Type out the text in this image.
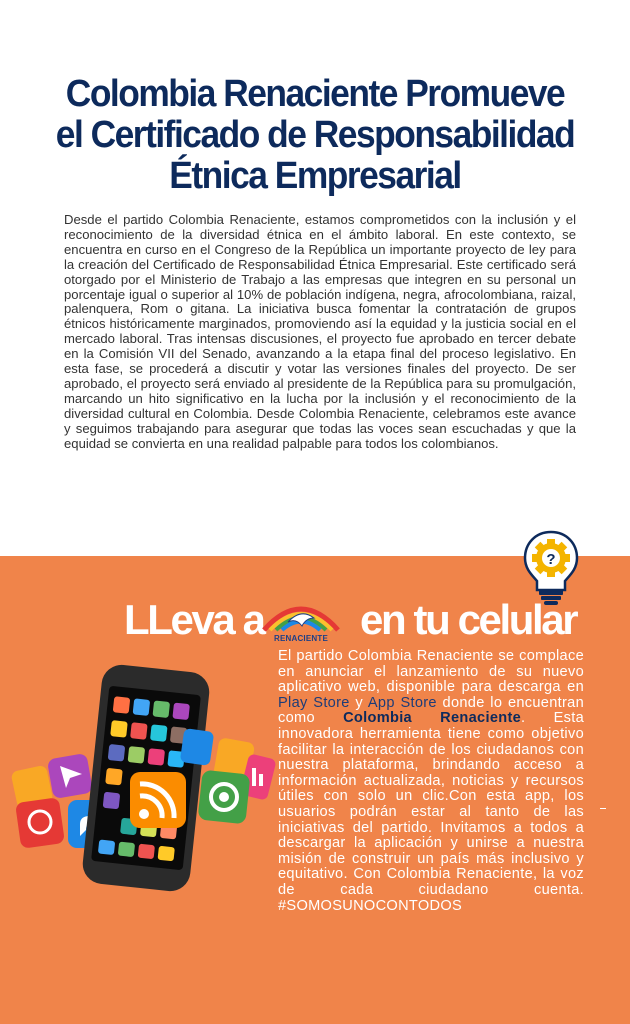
Colombia Renaciente Promueve
el Certificado de Responsabilidad
Étnica Empresarial
Desde el partido Colombia Renaciente, estamos comprometidos con la inclusión y el reconocimiento de la diversidad étnica en el ámbito laboral. En este contexto, se encuentra en curso en el Congreso de la República un importante proyecto de ley para la creación del Certificado de Responsabilidad Étnica Empresarial. Este certificado será otorgado por el Ministerio de Trabajo a las empresas que integren en su personal un porcentaje igual o superior al 10% de población indígena, negra, afrocolombiana, raizal, palenquera, Rom o gitana. La iniciativa busca fomentar la contratación de grupos étnicos históricamente marginados, promoviendo así la equidad y la justicia social en el mercado laboral. Tras intensas discusiones, el proyecto fue aprobado en tercer debate en la Comisión VII del Senado, avanzando a la etapa final del proceso legislativo. En esta fase, se procederá a discutir y votar las versiones finales del proyecto. De ser aprobado, el proyecto será enviado al presidente de la República para su promulgación, marcando un hito significativo en la lucha por la inclusión y el reconocimiento de la diversidad cultural en Colombia. Desde Colombia Renaciente, celebramos este avance y seguimos trabajando para asegurar que todas las voces sean escuchadas y que la equidad se convierta en una realidad palpable para todos los colombianos.
?
LLeva a en tu celular
RENACIENTE
El partido Colombia Renaciente se complace en anunciar el lanzamiento de su nuevo aplicativo web, disponible para descarga en Play Store y App Store donde lo encuentran como Colombia Renaciente. Esta innovadora herramienta tiene como objetivo facilitar la interacción de los ciudadanos con nuestra plataforma, brindando acceso a información actualizada, noticias y recursos útiles con solo un clic.Con esta app, los usuarios podrán estar al tanto de las iniciativas del partido. Invitamos a todos a descargar la aplicación y unirse a nuestra misión de construir un país más inclusivo y equitativo. Con Colombia Renaciente, la voz de cada ciudadano cuenta. #SOMOSUNOCONTODOS
